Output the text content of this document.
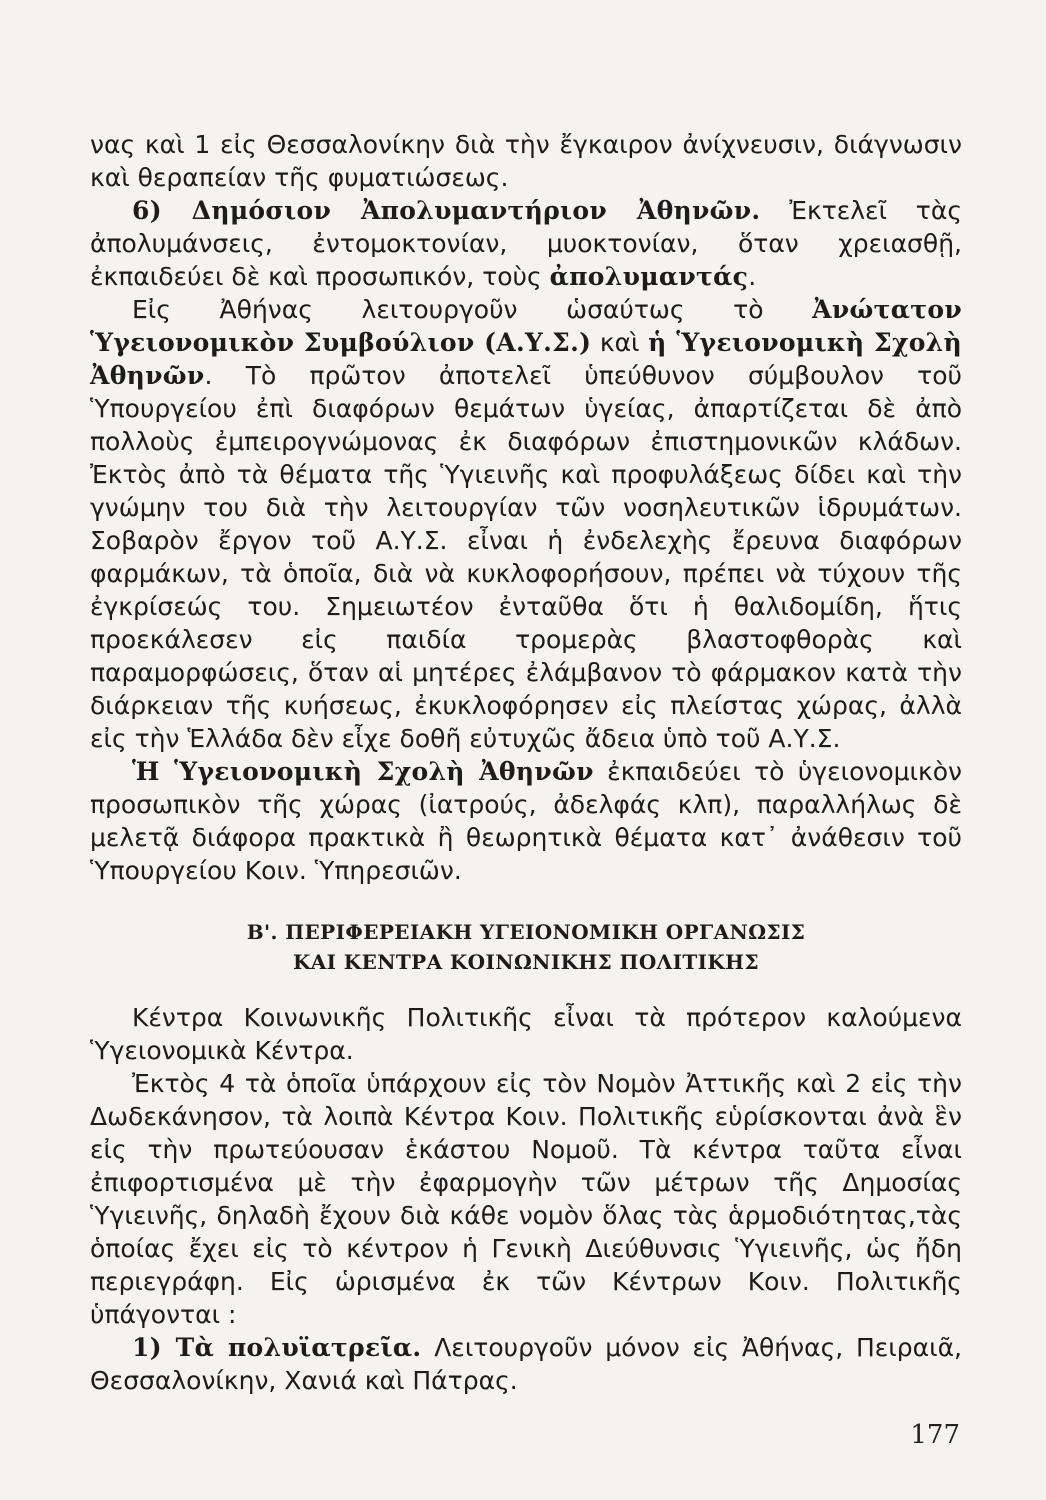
νας καὶ 1 εἰς Θεσσαλονίκην διὰ τὴν ἔγκαιρον ἀνίχνευσιν, διάγνωσιν καὶ θεραπείαν τῆς φυματιώσεως.

6) Δημόσιον Ἀπολυμαντήριον Ἀθηνῶν. Ἐκτελεῖ τὰς ἀπολυμάνσεις, ἐντομοκτονίαν, μυοκτονίαν, ὅταν χρειασθῇ, ἐκπαιδεύει δὲ καὶ προσωπικόν, τοὺς ἀπολυμαντάς.

Εἰς Ἀθήνας λειτουργοῦν ὡσαύτως τὸ Ἀνώτατον Ὑγειονομικὸν Συμβούλιον (Α.Υ.Σ.) καὶ ἡ Ὑγειονομικὴ Σχολὴ Ἀθηνῶν. Τὸ πρῶτον ἀποτελεῖ ὑπεύθυνον σύμβουλον τοῦ Ὑπουργείου ἐπὶ διαφόρων θεμάτων ὑγείας, ἀπαρτίζεται δὲ ἀπὸ πολλοὺς ἐμπειρογνώμονας ἐκ διαφόρων ἐπιστημονικῶν κλάδων. Ἐκτὸς ἀπὸ τὰ θέματα τῆς Ὑγιεινῆς καὶ προφυλάξεως δίδει καὶ τὴν γνώμην του διὰ τὴν λειτουργίαν τῶν νοσηλευτικῶν ἱδρυμάτων. Σοβαρὸν ἔργον τοῦ Α.Υ.Σ. εἶναι ἡ ἐνδελεχὴς ἔρευνα διαφόρων φαρμάκων, τὰ ὁποῖα, διὰ νὰ κυκλοφορήσουν, πρέπει νὰ τύχουν τῆς ἐγκρίσεώς του. Σημειωτέον ἐνταῦθα ὅτι ἡ θαλιδομίδη, ἥτις προεκάλεσεν εἰς παιδία τρομερὰς βλαστοφθορὰς καὶ παραμορφώσεις, ὅταν αἱ μητέρες ἐλάμβανον τὸ φάρμακον κατὰ τὴν διάρκειαν τῆς κυήσεως, ἐκυκλοφόρησεν εἰς πλείστας χώρας, ἀλλὰ εἰς τὴν Ἑλλάδα δὲν εἶχε δοθῆ εὐτυχῶς ἄδεια ὑπὸ τοῦ Α.Υ.Σ.

Ἡ Ὑγειονομικὴ Σχολὴ Ἀθηνῶν ἐκπαιδεύει τὸ ὑγειονομικὸν προσωπικὸν τῆς χώρας (ἰατρούς, ἀδελφάς κλπ), παραλλήλως δὲ μελετᾷ διάφορα πρακτικὰ ἢ θεωρητικὰ θέματα κατ᾽ ἀνάθεσιν τοῦ Ὑπουργείου Κοιν. Ὑπηρεσιῶν.

Β'. ΠΕΡΙΦΕΡΕΙΑΚΗ ΥΓΕΙΟΝΟΜΙΚΗ ΟΡΓΑΝΩΣΙΣ
ΚΑΙ ΚΕΝΤΡΑ ΚΟΙΝΩΝΙΚΗΣ ΠΟΛΙΤΙΚΗΣ

Κέντρα Κοινωνικῆς Πολιτικῆς εἶναι τὰ πρότερον καλούμενα Ὑγειονομικὰ Κέντρα.

Ἐκτὸς 4 τὰ ὁποῖα ὑπάρχουν εἰς τὸν Νομὸν Ἀττικῆς καὶ 2 εἰς τὴν Δωδεκάνησον, τὰ λοιπὰ Κέντρα Κοιν. Πολιτικῆς εὑρίσκονται ἀνὰ ἓν εἰς τὴν πρωτεύουσαν ἑκάστου Νομοῦ. Τὰ κέντρα ταῦτα εἶναι ἐπιφορτισμένα μὲ τὴν ἐφαρμογὴν τῶν μέτρων τῆς Δημοσίας Ὑγιεινῆς, δηλαδὴ ἔχουν διὰ κάθε νομὸν ὅλας τὰς ἁρμοδιότητας,τὰς ὁποίας ἔχει εἰς τὸ κέντρον ἡ Γενικὴ Διεύθυνσις Ὑγιεινῆς, ὡς ἤδη περιεγράφη. Εἰς ὡρισμένα ἐκ τῶν Κέντρων Κοιν. Πολιτικῆς ὑπάγονται :

1) Τὰ πολυϊατρεῖα. Λειτουργοῦν μόνον εἰς Ἀθήνας, Πειραιᾶ, Θεσσαλονίκην, Χανιά καὶ Πάτρας.

177
